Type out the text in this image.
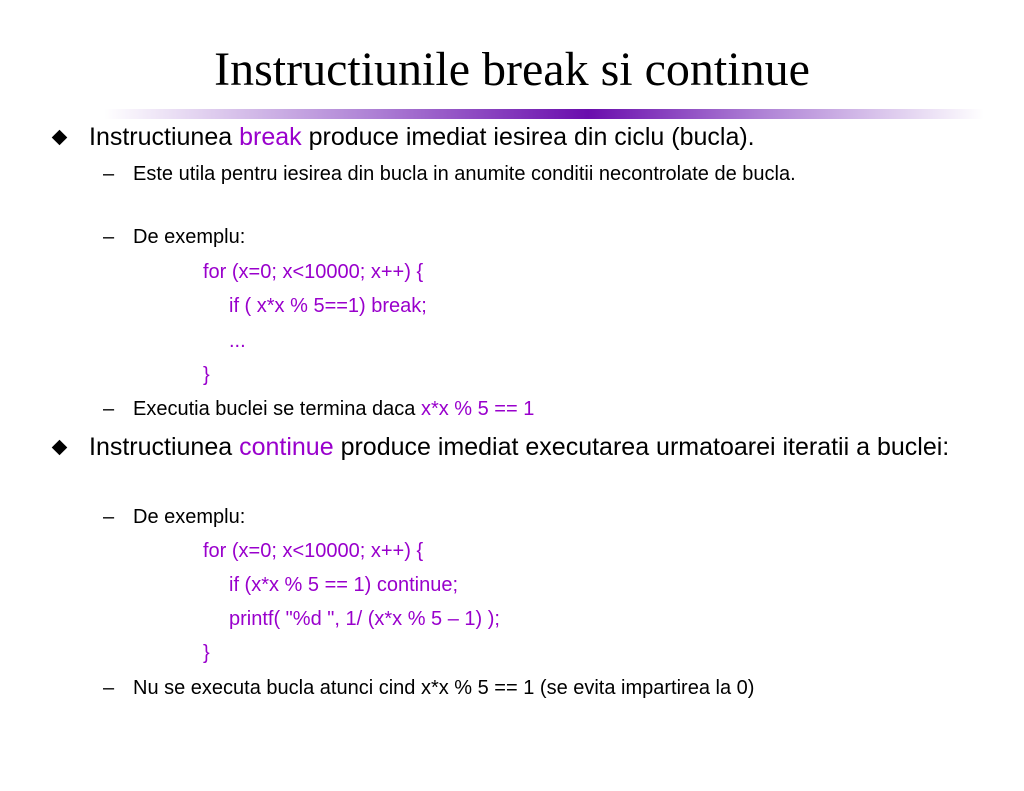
Instructiunile break si continue
Instructiunea break produce imediat iesirea din ciclu (bucla).
– Este utila pentru iesirea din bucla in anumite conditii necontrolate de bucla.
– De exemplu:
for (x=0; x<10000; x++) {
if ( x*x % 5==1) break;
...
}
– Executia buclei se termina daca x*x % 5 == 1
Instructiunea continue produce imediat executarea urmatoarei iteratii a buclei:
– De exemplu:
for (x=0; x<10000; x++) {
if (x*x % 5 == 1) continue;
printf( "%d ", 1/ (x*x % 5 – 1) );
}
– Nu se executa bucla atunci cind x*x % 5 == 1 (se evita impartirea la 0)
